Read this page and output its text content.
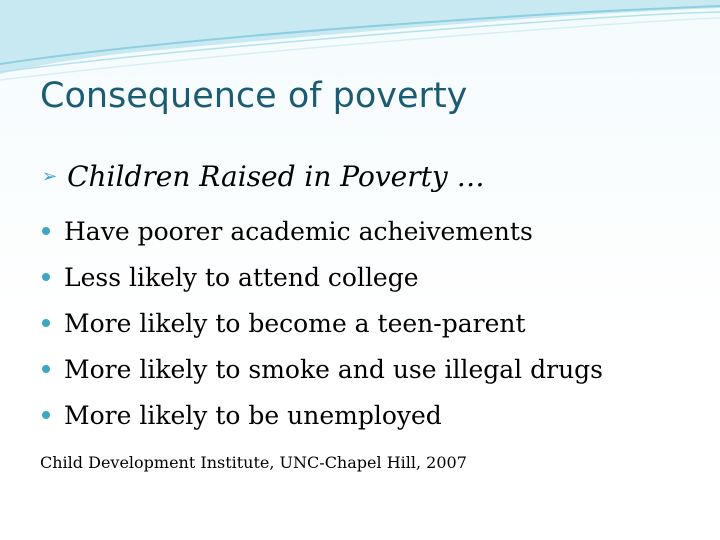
Consequence of poverty
➢ Children Raised in Poverty …
Have poorer academic acheivements
Less likely to attend college
More likely to become a teen-parent
More likely to smoke and use illegal drugs
More likely to be unemployed
Child Development Institute, UNC-Chapel Hill, 2007
